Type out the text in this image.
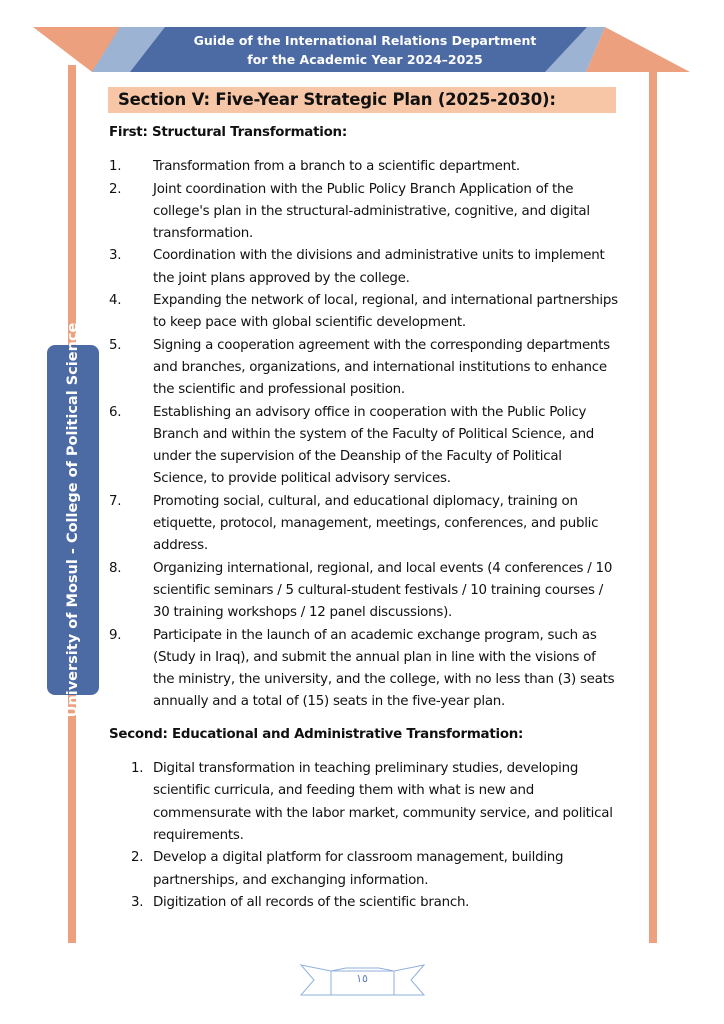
Guide of the International Relations Department
for the Academic Year 2024–2025
University of Mosul - College of Political Science
Section V: Five-Year Strategic Plan (2025-2030):

First: Structural Transformation:

1. Transformation from a branch to a scientific department.
2. Joint coordination with the Public Policy Branch Application of the college's plan in the structural-administrative, cognitive, and digital transformation.
3. Coordination with the divisions and administrative units to implement the joint plans approved by the college.
4. Expanding the network of local, regional, and international partnerships to keep pace with global scientific development.
5. Signing a cooperation agreement with the corresponding departments and branches, organizations, and international institutions to enhance the scientific and professional position.
6. Establishing an advisory office in cooperation with the Public Policy Branch and within the system of the Faculty of Political Science, and under the supervision of the Deanship of the Faculty of Political Science, to provide political advisory services.
7. Promoting social, cultural, and educational diplomacy, training on etiquette, protocol, management, meetings, conferences, and public address.
8. Organizing international, regional, and local events (4 conferences / 10 scientific seminars / 5 cultural-student festivals / 10 training courses / 30 training workshops / 12 panel discussions).
9. Participate in the launch of an academic exchange program, such as (Study in Iraq), and submit the annual plan in line with the visions of the ministry, the university, and the college, with no less than (3) seats annually and a total of (15) seats in the five-year plan.

Second: Educational and Administrative Transformation:

1. Digital transformation in teaching preliminary studies, developing scientific curricula, and feeding them with what is new and commensurate with the labor market, community service, and political requirements.
2. Develop a digital platform for classroom management, building partnerships, and exchanging information.
3. Digitization of all records of the scientific branch.
١٥
